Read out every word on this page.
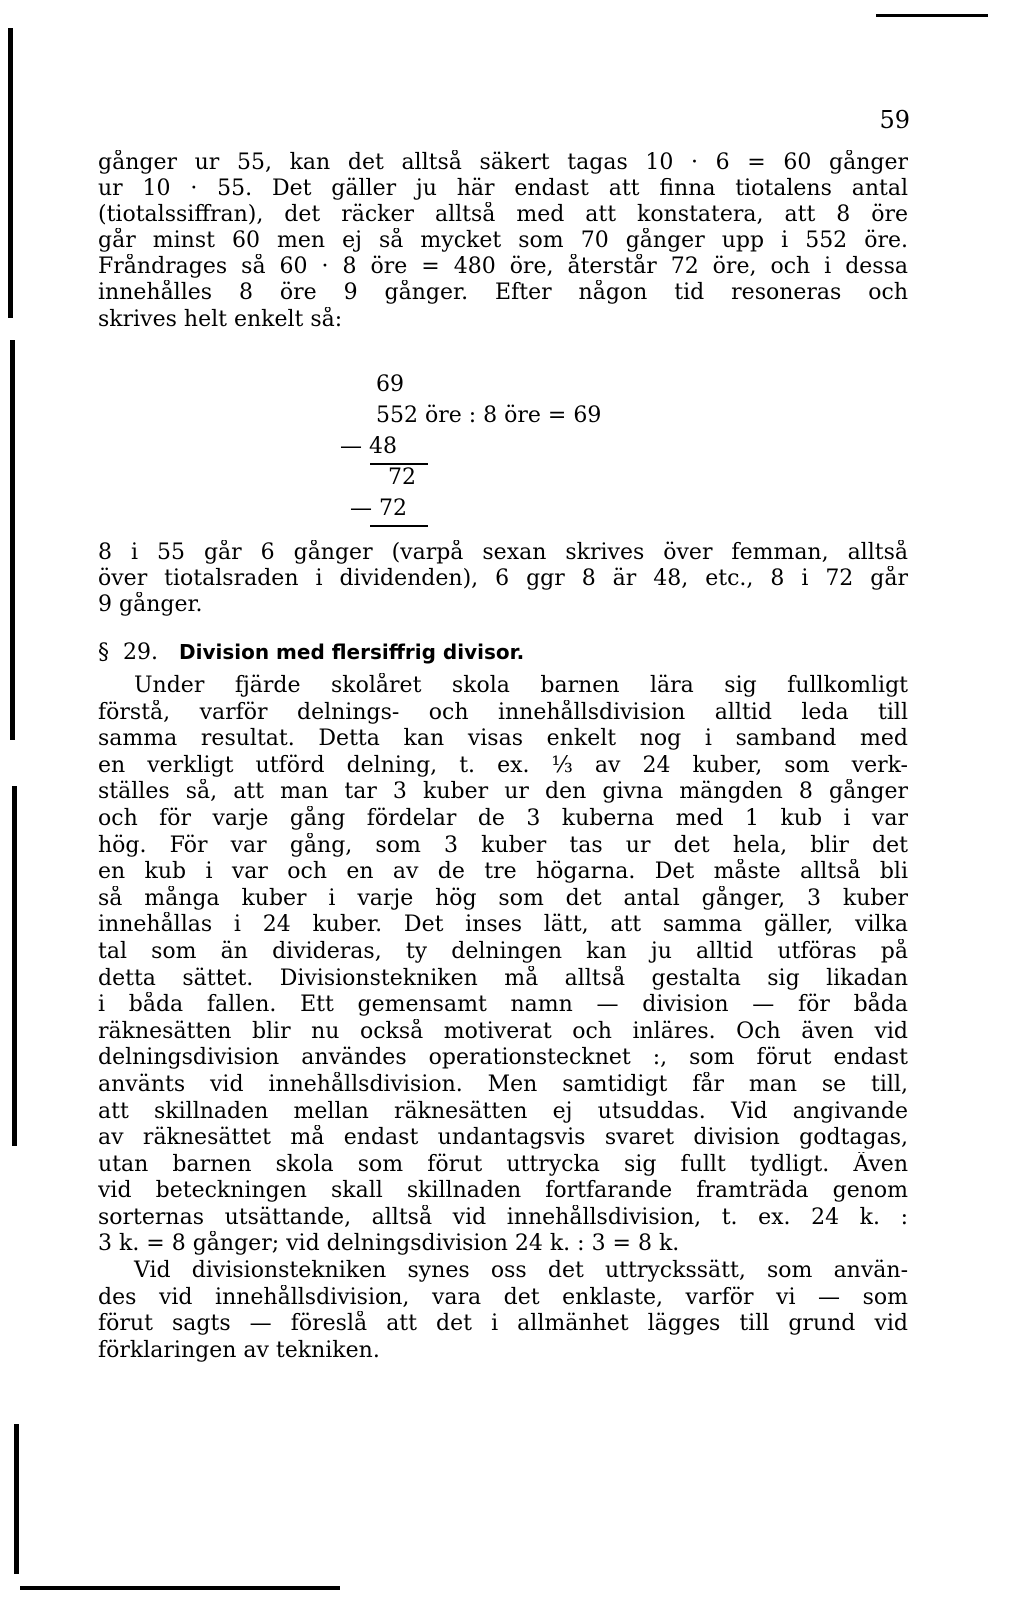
59
gånger ur 55, kan det alltså säkert tagas 10 · 6 = 60 gånger
ur 10 · 55. Det gäller ju här endast att finna tiotalens antal
(tiotalssiffran), det räcker alltså med att konstatera, att 8 öre
går minst 60 men ej så mycket som 70 gånger upp i 552 öre.
Fråndrages så 60 · 8 öre = 480 öre, återstår 72 öre, och i dessa
innehålles 8 öre 9 gånger. Efter någon tid resoneras och
skrives helt enkelt så:
69
552 öre : 8 öre = 69
— 48
72
— 72
8 i 55 går 6 gånger (varpå sexan skrives över femman, alltså
över tiotalsraden i dividenden), 6 ggr 8 är 48, etc., 8 i 72 går
9 gånger.
§ 29. Division med flersiffrig divisor.
Under fjärde skolåret skola barnen lära sig fullkomligt
förstå, varför delnings- och innehållsdivision alltid leda till
samma resultat. Detta kan visas enkelt nog i samband med
en verkligt utförd delning, t. ex. ⅓ av 24 kuber, som verk-
ställes så, att man tar 3 kuber ur den givna mängden 8 gånger
och för varje gång fördelar de 3 kuberna med 1 kub i var
hög. För var gång, som 3 kuber tas ur det hela, blir det
en kub i var och en av de tre högarna. Det måste alltså bli
så många kuber i varje hög som det antal gånger, 3 kuber
innehållas i 24 kuber. Det inses lätt, att samma gäller, vilka
tal som än divideras, ty delningen kan ju alltid utföras på
detta sättet. Divisionstekniken må alltså gestalta sig likadan
i båda fallen. Ett gemensamt namn — division — för båda
räknesätten blir nu också motiverat och inläres. Och även vid
delningsdivision användes operationstecknet :, som förut endast
använts vid innehållsdivision. Men samtidigt får man se till,
att skillnaden mellan räknesätten ej utsuddas. Vid angivande
av räknesättet må endast undantagsvis svaret division godtagas,
utan barnen skola som förut uttrycka sig fullt tydligt. Även
vid beteckningen skall skillnaden fortfarande framträda genom
sorternas utsättande, alltså vid innehållsdivision, t. ex. 24 k. :
3 k. = 8 gånger; vid delningsdivision 24 k. : 3 = 8 k.
Vid divisionstekniken synes oss det uttryckssätt, som använ-
des vid innehållsdivision, vara det enklaste, varför vi — som
förut sagts — föreslå att det i allmänhet lägges till grund vid
förklaringen av tekniken.
